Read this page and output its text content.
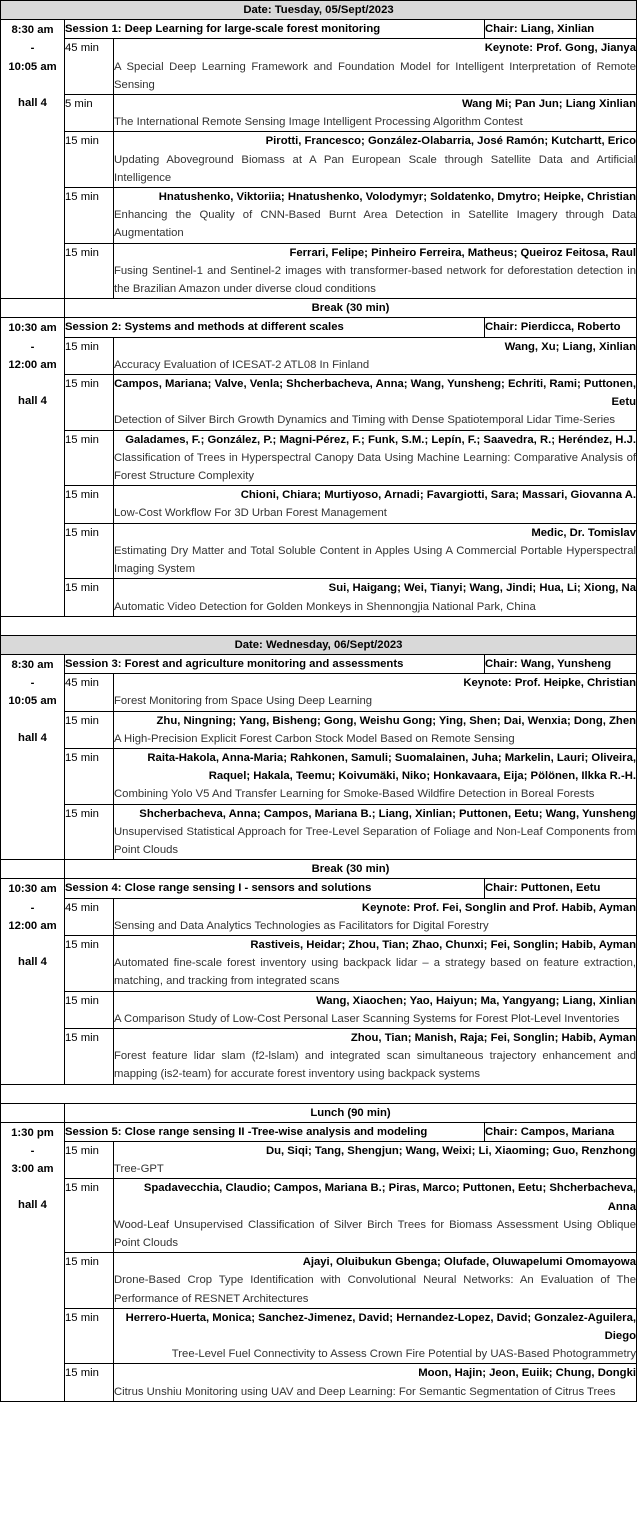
Date: Tuesday, 05/Sept/2023			

8:30 am
-
10:05 am
hall 4	Session 1: Deep Learning for large-scale forest monitoring		Chair: Liang, Xinlian
	45 min	Keynote: Prof. Gong, Jianya
A Special Deep Learning Framework and Foundation Model for Intelligent Interpretation of Remote Sensing	

	5 min	Wang Mi; Pan Jun; Liang Xinlian
The International Remote Sensing Image Intelligent Processing Algorithm Contest	

	15 min	Pirotti, Francesco; González-Olabarria, José Ramón; Kutchartt, Erico
Updating Aboveground Biomass at A Pan European Scale through Satellite Data and Artificial Intelligence	

	15 min	Hnatushenko, Viktoriia; Hnatushenko, Volodymyr; Soldatenko, Dmytro; Heipke, Christian
Enhancing the Quality of CNN-Based Burnt Area Detection in Satellite Imagery through Data Augmentation	

	15 min	Ferrari, Felipe; Pinheiro Ferreira, Matheus; Queiroz Feitosa, Raul
Fusing Sentinel-1 and Sentinel-2 images with transformer-based network for deforestation detection in the Brazilian Amazon under diverse cloud conditions	

	Break (30 min)		

10:30 am
-
12:00 am
hall 4	Session 2: Systems and methods at different scales		Chair: Pierdicca, Roberto
	15 min	Wang, Xu; Liang, Xinlian
Accuracy Evaluation of ICESAT-2 ATL08 In Finland	

	15 min	Campos, Mariana; Valve, Venla; Shcherbacheva, Anna; Wang, Yunsheng; Echriti, Rami; Puttonen, Eetu
Detection of Silver Birch Growth Dynamics and Timing with Dense Spatiotemporal Lidar Time-Series	

	15 min	Galadames, F.; González, P.; Magni-Pérez, F.; Funk, S.M.; Lepín, F.; Saavedra, R.; Heréndez, H.J.
Classification of Trees in Hyperspectral Canopy Data Using Machine Learning: Comparative Analysis of Forest Structure Complexity	

	15 min	Chioni, Chiara; Murtiyoso, Arnadi; Favargiotti, Sara; Massari, Giovanna A.
Low-Cost Workflow For 3D Urban Forest Management	

	15 min	Medic, Dr. Tomislav
Estimating Dry Matter and Total Soluble Content in Apples Using A Commercial Portable Hyperspectral Imaging System	

	15 min	Sui, Haigang; Wei, Tianyi; Wang, Jindi; Hua, Li; Xiong, Na
Automatic Video Detection for Golden Monkeys in Shennongjia National Park, China	

Date: Wednesday, 06/Sept/2023			

8:30 am
-
10:05 am
hall 4	Session 3: Forest and agriculture monitoring and assessments		Chair: Wang, Yunsheng
	45 min	Keynote: Prof. Heipke, Christian
Forest Monitoring from Space Using Deep Learning	

	15 min	Zhu, Ningning; Yang, Bisheng; Gong, Weishu Gong; Ying, Shen; Dai, Wenxia; Dong, Zhen
A High-Precision Explicit Forest Carbon Stock Model Based on Remote Sensing	

	15 min	Raita-Hakola, Anna-Maria; Rahkonen, Samuli; Suomalainen, Juha; Markelin, Lauri; Oliveira, Raquel; Hakala, Teemu; Koivumäki, Niko; Honkavaara, Eija; Pölönen, Ilkka R.-H.
Combining Yolo V5 And Transfer Learning for Smoke-Based Wildfire Detection in Boreal Forests	

	15 min	Shcherbacheva, Anna; Campos, Mariana B.; Liang, Xinlian; Puttonen, Eetu; Wang, Yunsheng
Unsupervised Statistical Approach for Tree-Level Separation of Foliage and Non-Leaf Components from Point Clouds	

	Break (30 min)		

10:30 am
-
12:00 am
hall 4	Session 4: Close range sensing I - sensors and solutions		Chair: Puttonen, Eetu
	45 min	Keynote: Prof. Fei, Songlin and Prof. Habib, Ayman
Sensing and Data Analytics Technologies as Facilitators for Digital Forestry	

	15 min	Rastiveis, Heidar; Zhou, Tian; Zhao, Chunxi; Fei, Songlin; Habib, Ayman
Automated fine-scale forest inventory using backpack lidar – a strategy based on feature extraction, matching, and tracking from integrated scans	

	15 min	Wang, Xiaochen; Yao, Haiyun; Ma, Yangyang; Liang, Xinlian
A Comparison Study of Low-Cost Personal Laser Scanning Systems for Forest Plot-Level Inventories	

	15 min	Zhou, Tian; Manish, Raja; Fei, Songlin; Habib, Ayman
Forest feature lidar slam (f2-lslam) and integrated scan simultaneous trajectory enhancement and mapping (is2-team) for accurate forest inventory using backpack systems	

	Lunch (90 min)		

1:30 pm
-
3:00 am
hall 4	Session 5: Close range sensing II -Tree-wise analysis and modeling		Chair: Campos, Mariana
	15 min	Du, Siqi; Tang, Shengjun; Wang, Weixi; Li, Xiaoming; Guo, Renzhong
Tree-GPT	

	15 min	Spadavecchia, Claudio; Campos, Mariana B.; Piras, Marco; Puttonen, Eetu; Shcherbacheva, Anna
Wood-Leaf Unsupervised Classification of Silver Birch Trees for Biomass Assessment Using Oblique Point Clouds	

	15 min	Ajayi, Oluibukun Gbenga; Olufade, Oluwapelumi Omomayowa
Drone-Based Crop Type Identification with Convolutional Neural Networks: An Evaluation of The Performance of RESNET Architectures	

	15 min	Herrero-Huerta, Monica; Sanchez-Jimenez, David; Hernandez-Lopez, David; Gonzalez-Aguilera, Diego
Tree-Level Fuel Connectivity to Assess Crown Fire Potential by UAS-Based Photogrammetry	

	15 min	Moon, Hajin; Jeon, Euiik; Chung, Dongki
Citrus Unshiu Monitoring using UAV and Deep Learning: For Semantic Segmentation of Citrus Trees	
